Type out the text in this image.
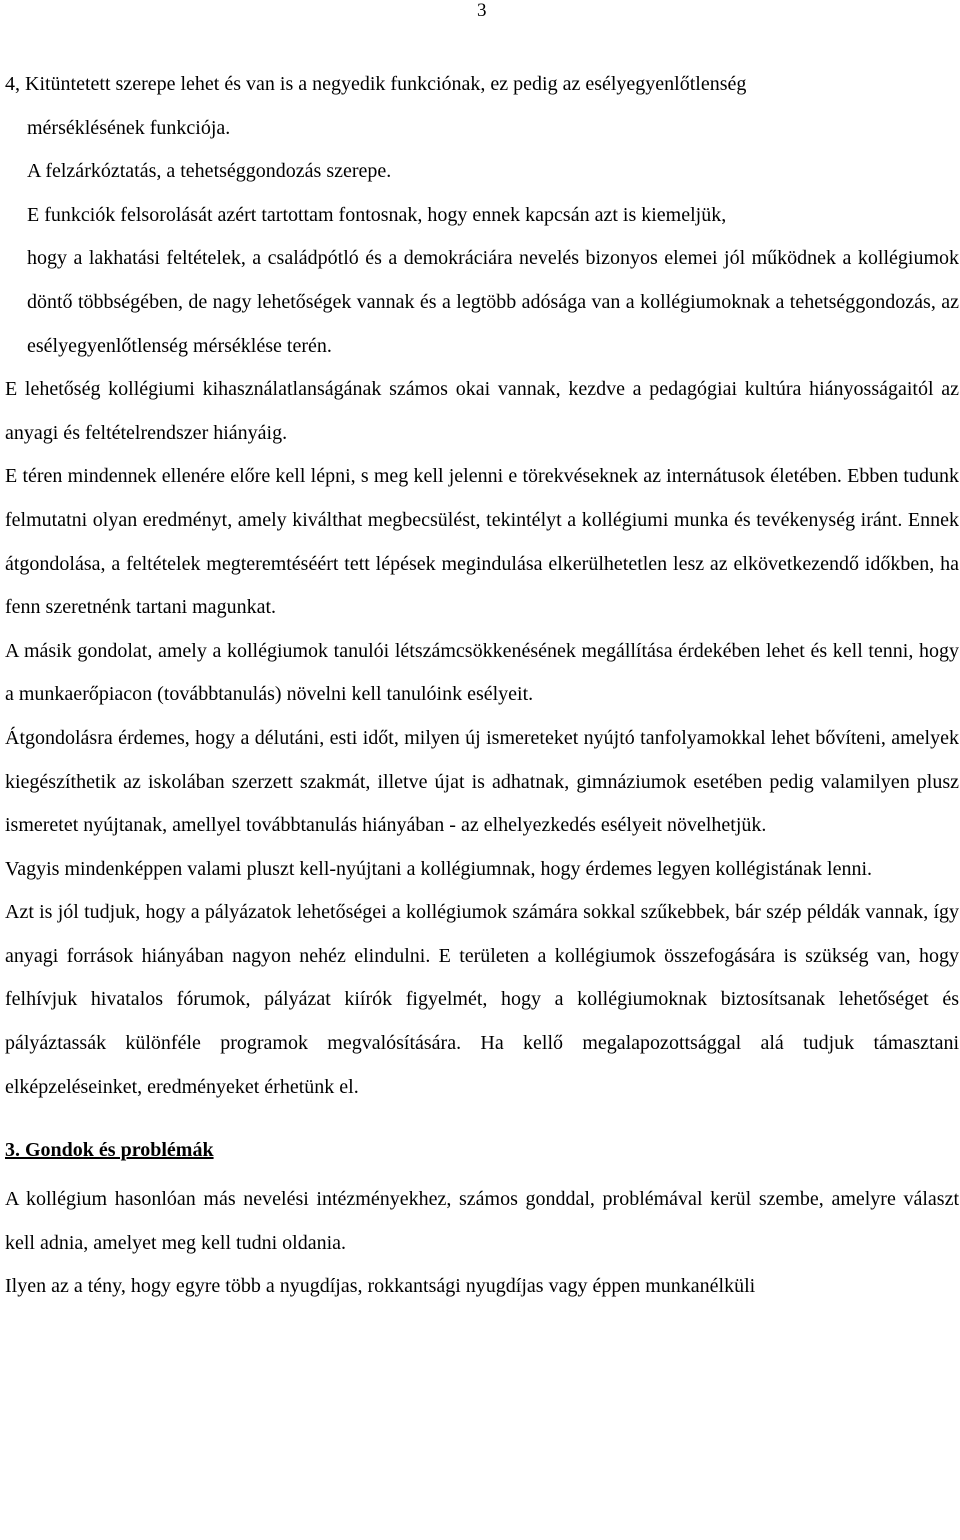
3

4, Kitüntetett szerepe lehet és van is a negyedik funkciónak, ez pedig az esélyegyenlőtlenség

mérséklésének funkciója.

A felzárkóztatás, a tehetséggondozás szerepe.

E funkciók felsorolását azért tartottam fontosnak, hogy ennek kapcsán azt is kiemeljük,

hogy a lakhatási feltételek, a családpótló és a demokráciára nevelés bizonyos elemei jól működnek a kollégiumok döntő többségében, de nagy lehetőségek vannak és a legtöbb adósága van a kollégiumoknak a tehetséggondozás, az esélyegyenlőtlenség mérséklése terén.

E lehetőség kollégiumi kihasználatlanságának számos okai vannak, kezdve a pedagógiai kultúra hiányosságaitól az anyagi és feltételrendszer hiányáig.

E téren mindennek ellenére előre kell lépni, s meg kell jelenni e törekvéseknek az internátusok életében. Ebben tudunk felmutatni olyan eredményt, amely kiválthat megbecsülést, tekintélyt a kollégiumi munka és tevékenység iránt. Ennek átgondolása, a feltételek megteremtéséért tett lépések megindulása elkerülhetetlen lesz az elkövetkezendő időkben, ha fenn szeretnénk tartani magunkat.

A másik gondolat, amely a kollégiumok tanulói létszámcsökkenésének megállítása érdekében lehet és kell tenni, hogy a munkaerőpiacon (továbbtanulás) növelni kell tanulóink esélyeit.

Átgondolásra érdemes, hogy a délutáni, esti időt, milyen új ismereteket nyújtó tanfolyamokkal lehet bővíteni, amelyek kiegészíthetik az iskolában szerzett szakmát, illetve újat is adhatnak, gimnáziumok esetében pedig valamilyen plusz ismeretet nyújtanak, amellyel továbbtanulás hiányában - az elhelyezkedés esélyeit növelhetjük.

Vagyis mindenképpen valami pluszt kell-nyújtani a kollégiumnak, hogy érdemes legyen kollégistának lenni.

Azt is jól tudjuk, hogy a pályázatok lehetőségei a kollégiumok számára sokkal szűkebbek, bár szép példák vannak, így anyagi források hiányában nagyon nehéz elindulni. E területen a kollégiumok összefogására is szükség van, hogy felhívjuk hivatalos fórumok, pályázat kiírók figyelmét, hogy a kollégiumoknak biztosítsanak lehetőséget és pályáztassák különféle programok megvalósítására. Ha kellő megalapozottsággal alá tudjuk támasztani elképzeléseinket, eredményeket érhetünk el.

3. Gondok és problémák

A kollégium hasonlóan más nevelési intézményekhez, számos gonddal, problémával kerül szembe, amelyre választ kell adnia, amelyet meg kell tudni oldania.

Ilyen az a tény, hogy egyre több a nyugdíjas, rokkantsági nyugdíjas vagy éppen munkanélküli
